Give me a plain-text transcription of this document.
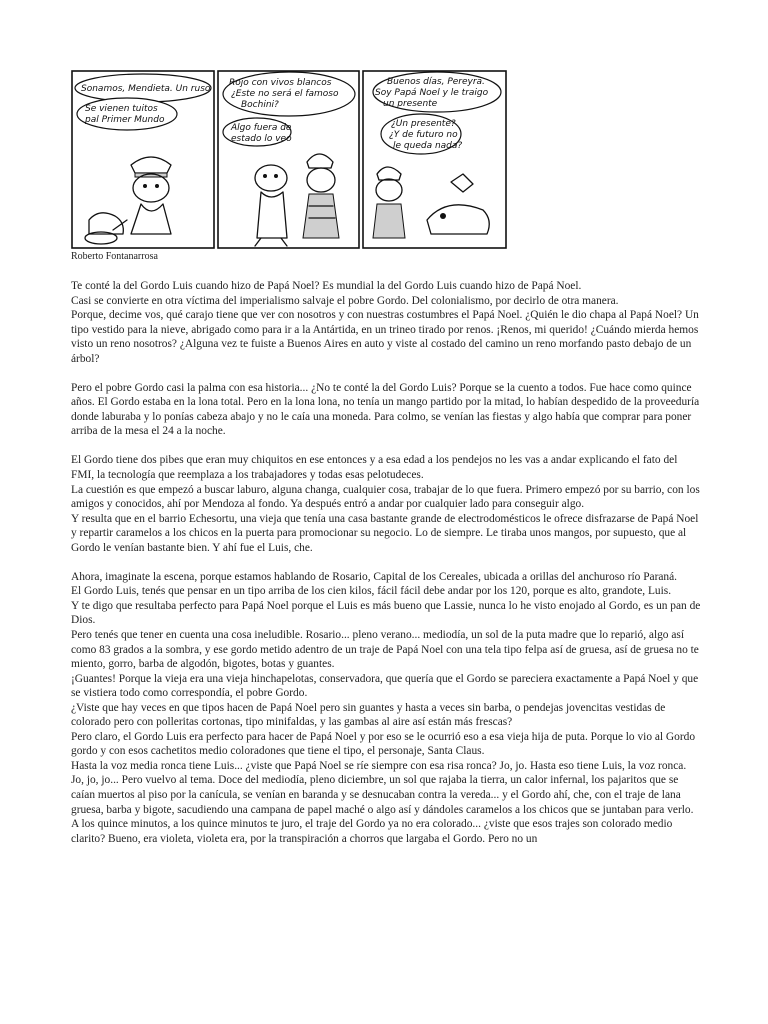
Sonamos, Mendieta. Un ruso
Se vienen tuitos pal Primer Mundo
Rojo con vivos blancos ¿Este no será el famoso Bochini?
Algo fuera de estado lo veo
Buenos días, Pereyra. Soy Papá Noel y le traigo un presente
¿Un presente? ¿Y de futuro no le queda nada?

Roberto Fontanarrosa

Te conté la del Gordo Luis cuando hizo de Papá Noel? Es mundial la del Gordo Luis cuando hizo de Papá Noel.
Casi se convierte en otra víctima del imperialismo salvaje el pobre Gordo. Del colonialismo, por decirlo de otra manera.
Porque, decime vos, qué carajo tiene que ver con nosotros y con nuestras costumbres el Papá Noel. ¿Quién le dio chapa al Papá Noel? Un tipo vestido para la nieve, abrigado como para ir a la Antártida, en un trineo tirado por renos. ¡Renos, mi querido! ¿Cuándo mierda hemos visto un reno nosotros? ¿Alguna vez te fuiste a Buenos Aires en auto y viste al costado del camino un reno morfando pasto debajo de un árbol?

Pero el pobre Gordo casi la palma con esa historia... ¿No te conté la del Gordo Luis? Porque se la cuento a todos. Fue hace como quince años. El Gordo estaba en la lona total. Pero en la lona lona, no tenía un mango partido por la mitad, lo habían despedido de la proveeduría donde laburaba y lo ponías cabeza abajo y no le caía una moneda. Para colmo, se venían las fiestas y algo había que comprar para poner arriba de la mesa el 24 a la noche.

El Gordo tiene dos pibes que eran muy chiquitos en ese entonces y a esa edad a los pendejos no les vas a andar explicando el fato del FMI, la tecnología que reemplaza a los trabajadores y todas esas pelotudeces.
La cuestión es que empezó a buscar laburo, alguna changa, cualquier cosa, trabajar de lo que fuera. Primero empezó por su barrio, con los amigos y conocidos, ahí por Mendoza al fondo. Ya después entró a andar por cualquier lado para conseguir algo.
Y resulta que en el barrio Echesortu, una vieja que tenía una casa bastante grande de electrodomésticos le ofrece disfrazarse de Papá Noel y repartir caramelos a los chicos en la puerta para promocionar su negocio. Lo de siempre. Le tiraba unos mangos, por supuesto, que al Gordo le venían bastante bien. Y ahí fue el Luis, che.

Ahora, imaginate la escena, porque estamos hablando de Rosario, Capital de los Cereales, ubicada a orillas del anchuroso río Paraná.
El Gordo Luis, tenés que pensar en un tipo arriba de los cien kilos, fácil fácil debe andar por los 120, porque es alto, grandote, Luis.
Y te digo que resultaba perfecto para Papá Noel porque el Luis es más bueno que Lassie, nunca lo he visto enojado al Gordo, es un pan de Dios.
Pero tenés que tener en cuenta una cosa ineludible. Rosario... pleno verano... mediodía, un sol de la puta madre que lo reparió, algo así como 83 grados a la sombra, y ese gordo metido adentro de un traje de Papá Noel con una tela tipo felpa así de gruesa, así de gruesa no te miento, gorro, barba de algodón, bigotes, botas y guantes.
¡Guantes! Porque la vieja era una vieja hinchapelotas, conservadora, que quería que el Gordo se pareciera exactamente a Papá Noel y que se vistiera todo como correspondía, el pobre Gordo.
¿Viste que hay veces en que tipos hacen de Papá Noel pero sin guantes y hasta a veces sin barba, o pendejas jovencitas vestidas de colorado pero con polleritas cortonas, tipo minifaldas, y las gambas al aire así están más frescas?
Pero claro, el Gordo Luis era perfecto para hacer de Papá Noel y por eso se le ocurrió eso a esa vieja hija de puta. Porque lo vio al Gordo gordo y con esos cachetitos medio coloradones que tiene el tipo, el personaje, Santa Claus.
Hasta la voz media ronca tiene Luis... ¿viste que Papá Noel se ríe siempre con esa risa ronca? Jo, jo. Hasta eso tiene Luis, la voz ronca.
Jo, jo, jo... Pero vuelvo al tema. Doce del mediodía, pleno diciembre, un sol que rajaba la tierra, un calor infernal, los pajaritos que se caían muertos al piso por la canícula, se venían en baranda y se desnucaban contra la vereda... y el Gordo ahí, che, con el traje de lana gruesa, barba y bigote, sacudiendo una campana de papel maché o algo así y dándoles caramelos a los chicos que se juntaban para verlo.
A los quince minutos, a los quince minutos te juro, el traje del Gordo ya no era colorado... ¿viste que esos trajes son colorado medio clarito? Bueno, era violeta, violeta era, por la transpiración a chorros que largaba el Gordo. Pero no un
